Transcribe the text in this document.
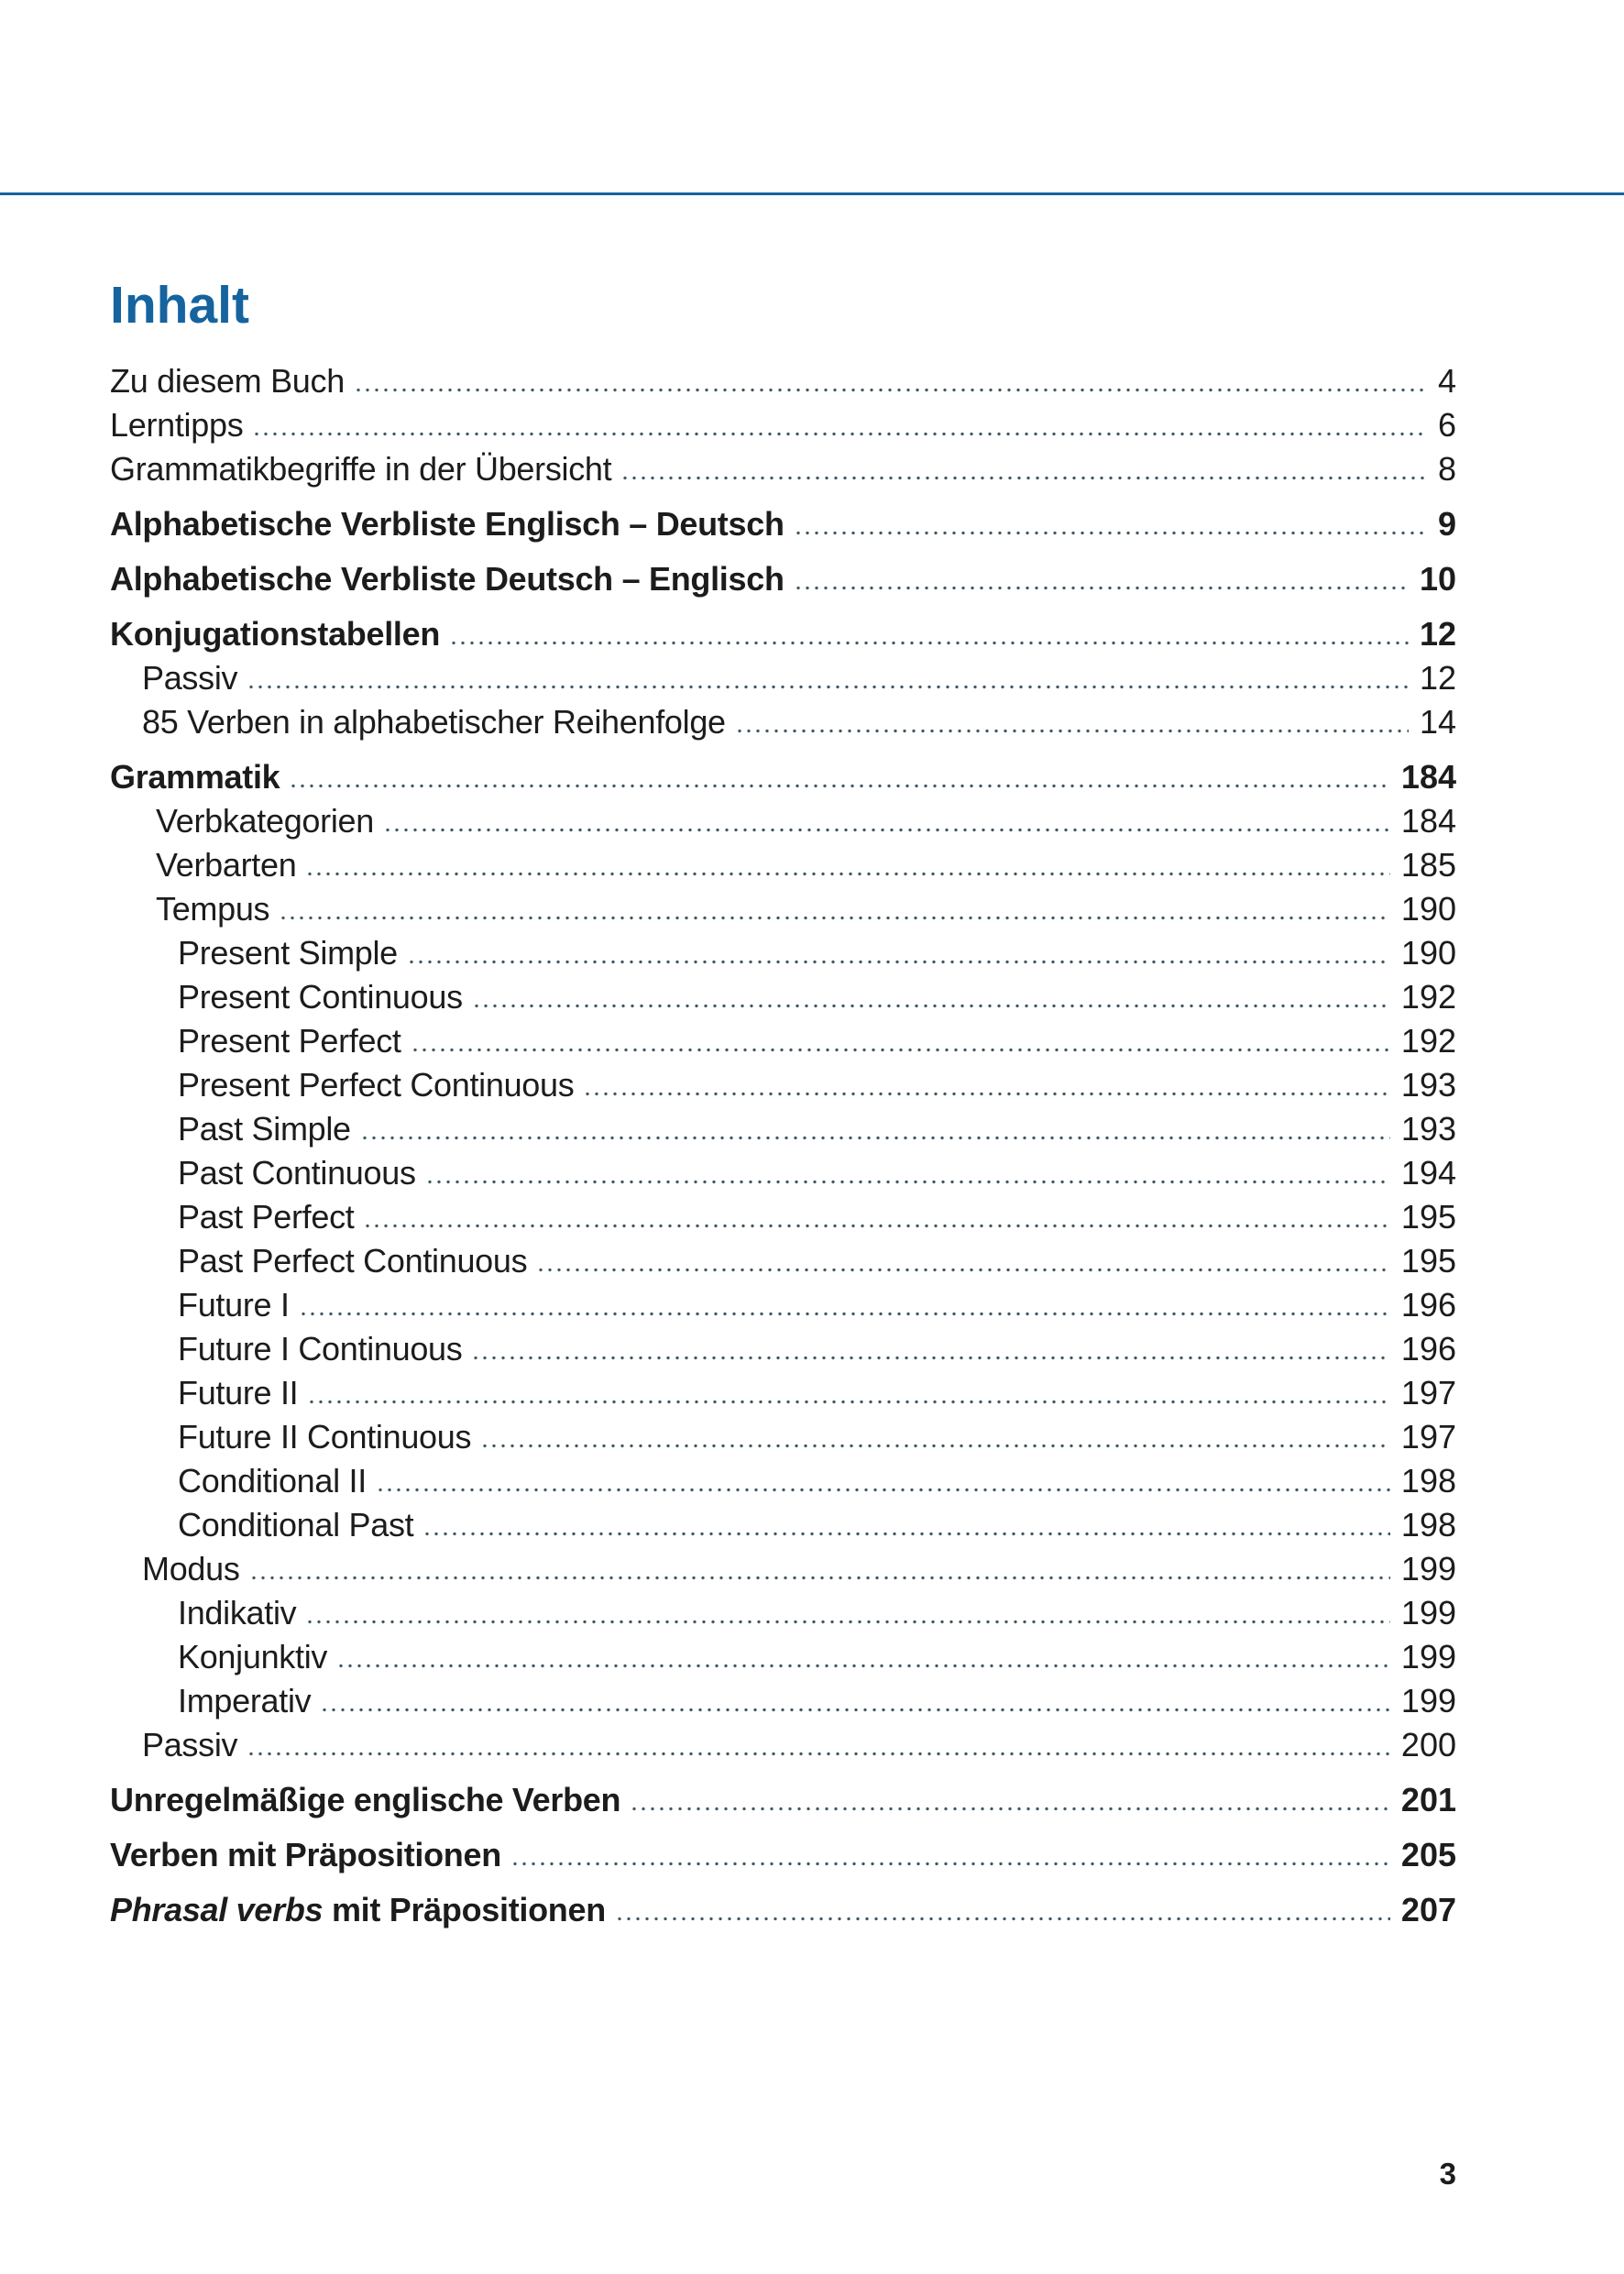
Inhalt
Zu diesem Buch	4
Lerntipps	6
Grammatikbegriffe in der Übersicht	8
Alphabetische Verbliste Englisch – Deutsch	9
Alphabetische Verbliste Deutsch – Englisch	10
Konjugationstabellen	12
Passiv	12
85 Verben in alphabetischer Reihenfolge	14
Grammatik	184
Verbkategorien	184
Verbarten	185
Tempus	190
Present Simple	190
Present Continuous	192
Present Perfect	192
Present Perfect Continuous	193
Past Simple	193
Past Continuous	194
Past Perfect	195
Past Perfect Continuous	195
Future I	196
Future I Continuous	196
Future II	197
Future II Continuous	197
Conditional II	198
Conditional Past	198
Modus	199
Indikativ	199
Konjunktiv	199
Imperativ	199
Passiv	200
Unregelmäßige englische Verben	201
Verben mit Präpositionen	205
Phrasal verbs mit Präpositionen	207
3
